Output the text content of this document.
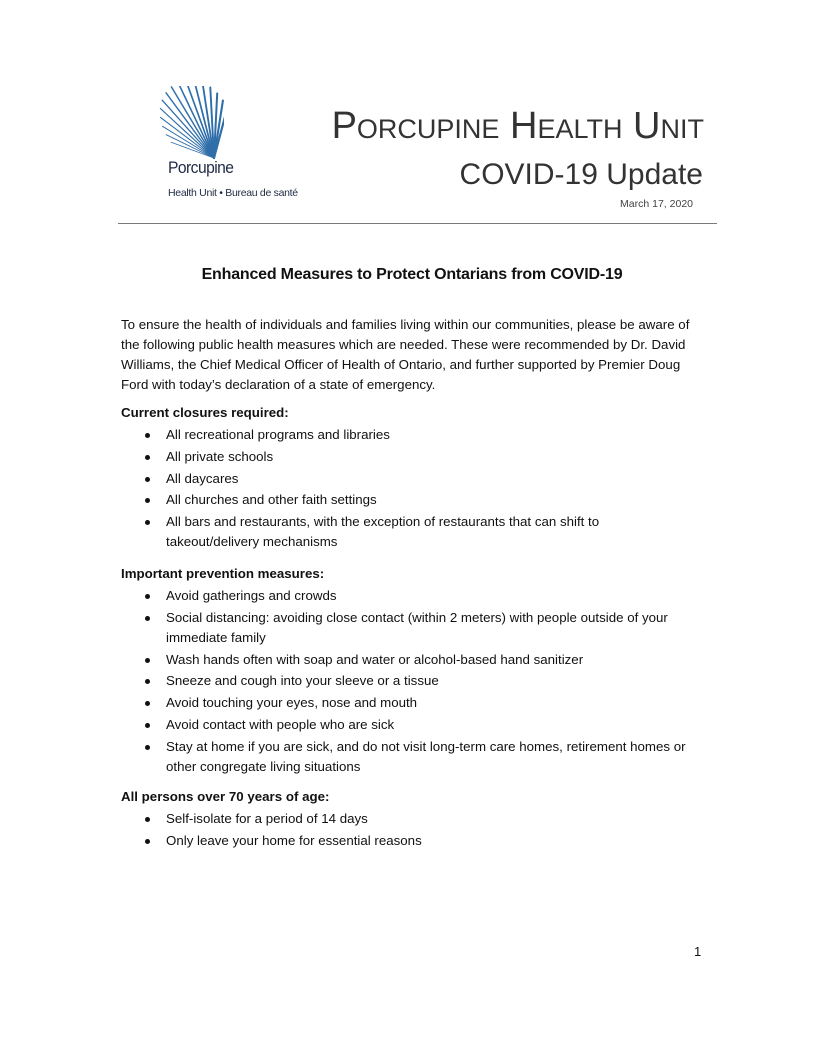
Porcupine
Health Unit • Bureau de santé
PORCUPINE HEALTH UNIT
COVID-19 Update
March 17, 2020
Enhanced Measures to Protect Ontarians from COVID-19

To ensure the health of individuals and families living within our communities, please be aware of the following public health measures which are needed. These were recommended by Dr. David Williams, the Chief Medical Officer of Health of Ontario, and further supported by Premier Doug Ford with today’s declaration of a state of emergency.

Current closures required:
All recreational programs and libraries
All private schools
All daycares
All churches and other faith settings
All bars and restaurants, with the exception of restaurants that can shift to takeout/delivery mechanisms
Important prevention measures:
Avoid gatherings and crowds
Social distancing: avoiding close contact (within 2 meters) with people outside of your immediate family
Wash hands often with soap and water or alcohol-based hand sanitizer
Sneeze and cough into your sleeve or a tissue
Avoid touching your eyes, nose and mouth
Avoid contact with people who are sick
Stay at home if you are sick, and do not visit long-term care homes, retirement homes or other congregate living situations
All persons over 70 years of age:
Self-isolate for a period of 14 days
Only leave your home for essential reasons
1
